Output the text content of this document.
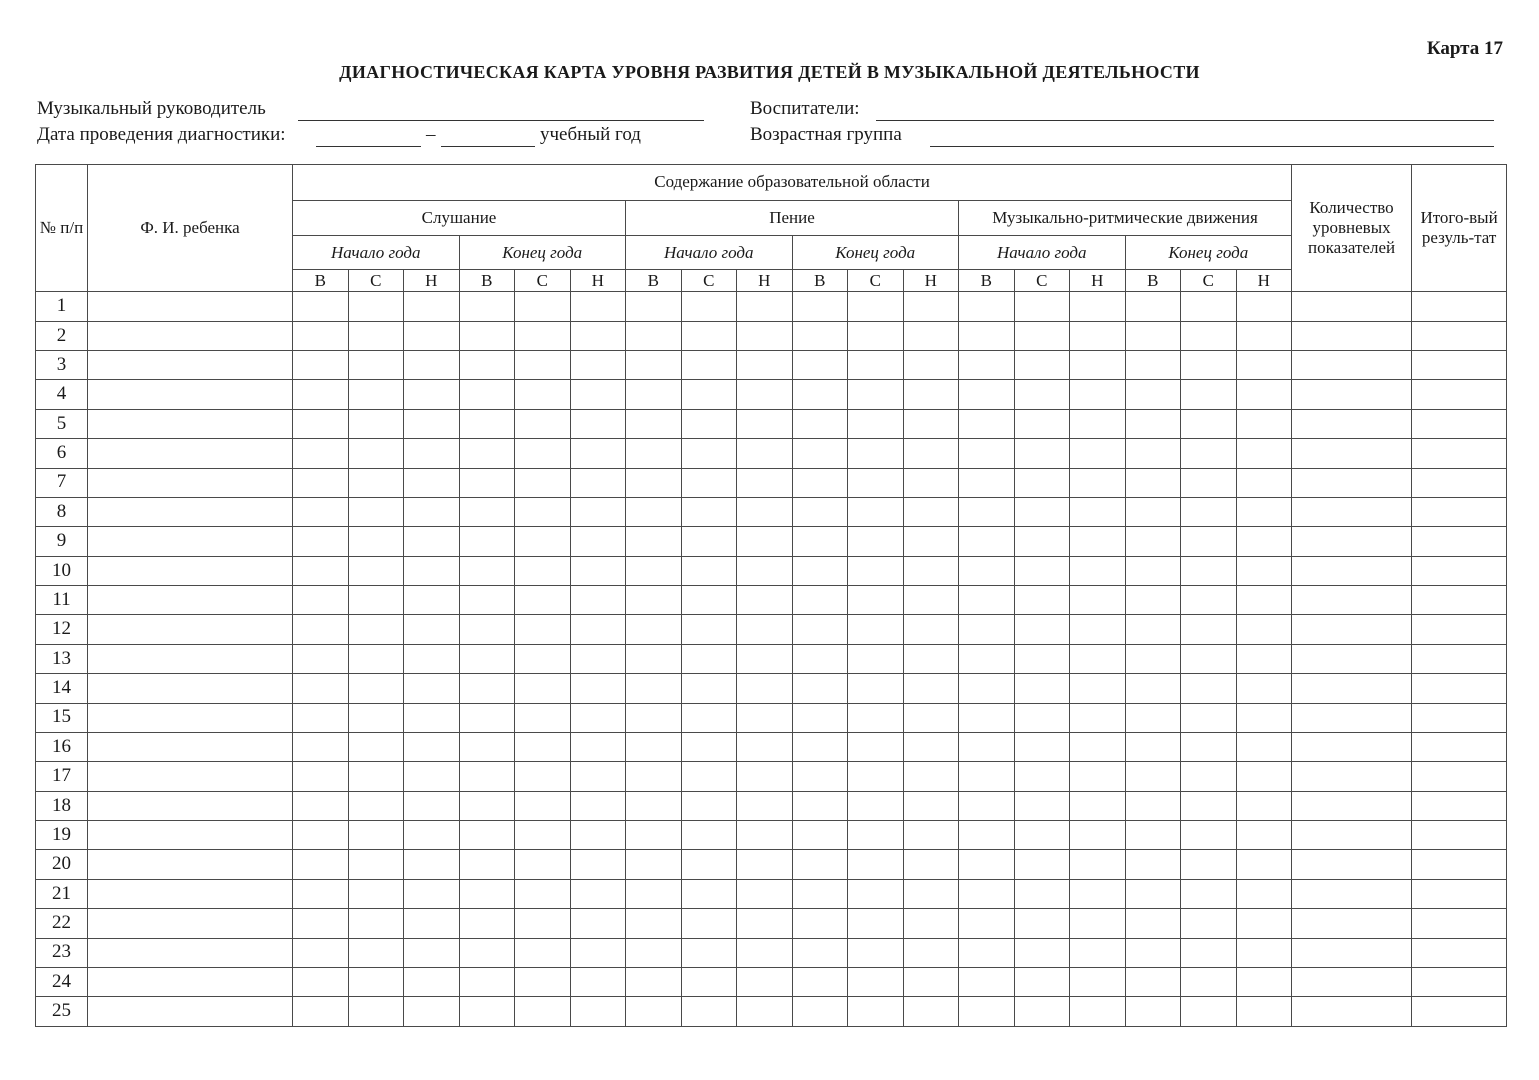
Карта 17
ДИАГНОСТИЧЕСКАЯ КАРТА УРОВНЯ РАЗВИТИЯ ДЕТЕЙ В МУЗЫКАЛЬНОЙ ДЕЯТЕЛЬНОСТИ
Музыкальный руководитель	Воспитатели:
Дата проведения диагностики:	–	учебный год	Возрастная группа
№ п/п	Ф. И. ребенка	Содержание образовательной области																		Количество уровневых показателей	Итого-вый резуль-тат
		Слушание						Пение						Музыкально-ритмические движения							
		Начало года			Конец года			Начало года			Конец года			Начало года			Конец года				
		В	С	Н	В	С	Н	В	С	Н	В	С	Н	В	С	Н	В	С	Н		
1																					
2																					
3																					
4																					
5																					
6																					
7																					
8																					
9																					
10																					
11																					
12																					
13																					
14																					
15																					
16																					
17																					
18																					
19																					
20																					
21																					
22																					
23																					
24																					
25																					
